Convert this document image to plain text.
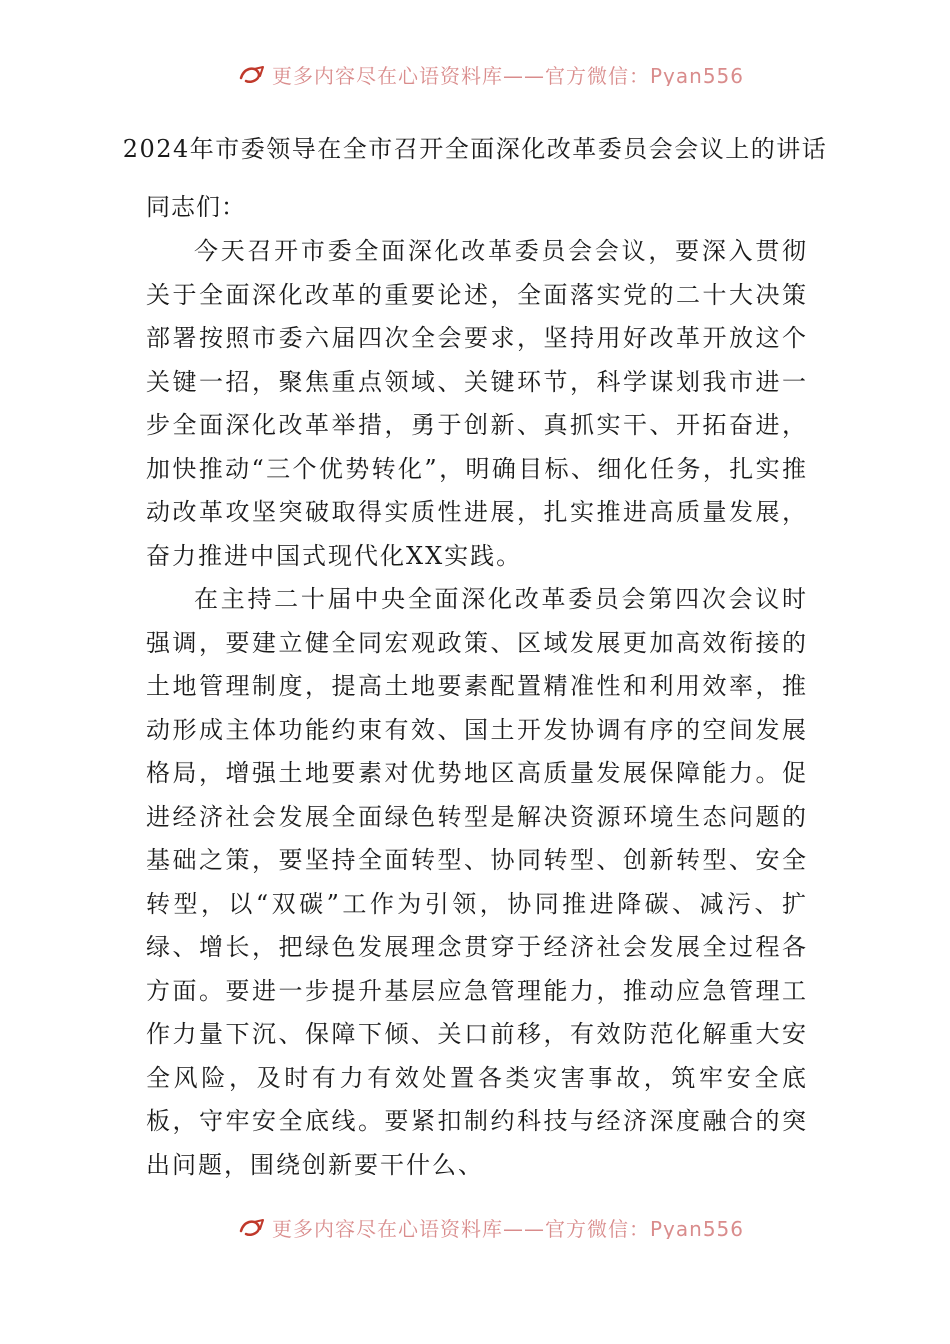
更多内容尽在心语资料库——官方微信：Pyan556
2024年市委领导在全市召开全面深化改革委员会会议上的讲话
同志们：

今天召开市委全面深化改革委员会会议，要深入贯彻关于全面深化改革的重要论述，全面落实党的二十大决策部署按照市委六届四次全会要求，坚持用好改革开放这个关键一招，聚焦重点领域、关键环节，科学谋划我市进一步全面深化改革举措，勇于创新、真抓实干、开拓奋进，加快推动“三个优势转化”，明确目标、细化任务，扎实推动改革攻坚突破取得实质性进展，扎实推进高质量发展，奋力推进中国式现代化XX实践。

在主持二十届中央全面深化改革委员会第四次会议时强调，要建立健全同宏观政策、区域发展更加高效衔接的土地管理制度，提高土地要素配置精准性和利用效率，推动形成主体功能约束有效、国土开发协调有序的空间发展格局，增强土地要素对优势地区高质量发展保障能力。促进经济社会发展全面绿色转型是解决资源环境生态问题的基础之策，要坚持全面转型、协同转型、创新转型、安全转型，以“双碳”工作为引领，协同推进降碳、减污、扩绿、增长，把绿色发展理念贯穿于经济社会发展全过程各方面。要进一步提升基层应急管理能力，推动应急管理工作力量下沉、保障下倾、关口前移，有效防范化解重大安全风险，及时有力有效处置各类灾害事故，筑牢安全底板，守牢安全底线。要紧扣制约科技与经济深度融合的突出问题，围绕创新要干什么、

更多内容尽在心语资料库——官方微信：Pyan556
